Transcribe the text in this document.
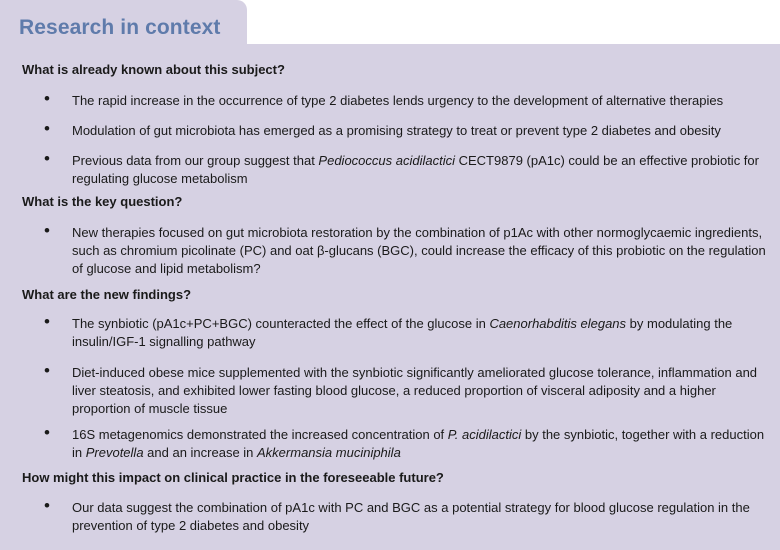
Research in context
What is already known about this subject?
• The rapid increase in the occurrence of type 2 diabetes lends urgency to the development of alternative therapies
• Modulation of gut microbiota has emerged as a promising strategy to treat or prevent type 2 diabetes and obesity
• Previous data from our group suggest that Pediococcus acidilactici CECT9879 (pA1c) could be an effective probiotic for regulating glucose metabolism
What is the key question?
• New therapies focused on gut microbiota restoration by the combination of p1Ac with other normoglycaemic ingredients, such as chromium picolinate (PC) and oat β-glucans (BGC), could increase the efficacy of this probiotic on the regulation of glucose and lipid metabolism?
What are the new findings?
• The synbiotic (pA1c+PC+BGC) counteracted the effect of the glucose in Caenorhabditis elegans by modulating the insulin/IGF-1 signalling pathway
• Diet-induced obese mice supplemented with the synbiotic significantly ameliorated glucose tolerance, inflammation and liver steatosis, and exhibited lower fasting blood glucose, a reduced proportion of visceral adiposity and a higher proportion of muscle tissue
• 16S metagenomics demonstrated the increased concentration of P. acidilactici by the synbiotic, together with a reduction in Prevotella and an increase in Akkermansia muciniphila
How might this impact on clinical practice in the foreseeable future?
• Our data suggest the combination of pA1c with PC and BGC as a potential strategy for blood glucose regulation in the prevention of type 2 diabetes and obesity
